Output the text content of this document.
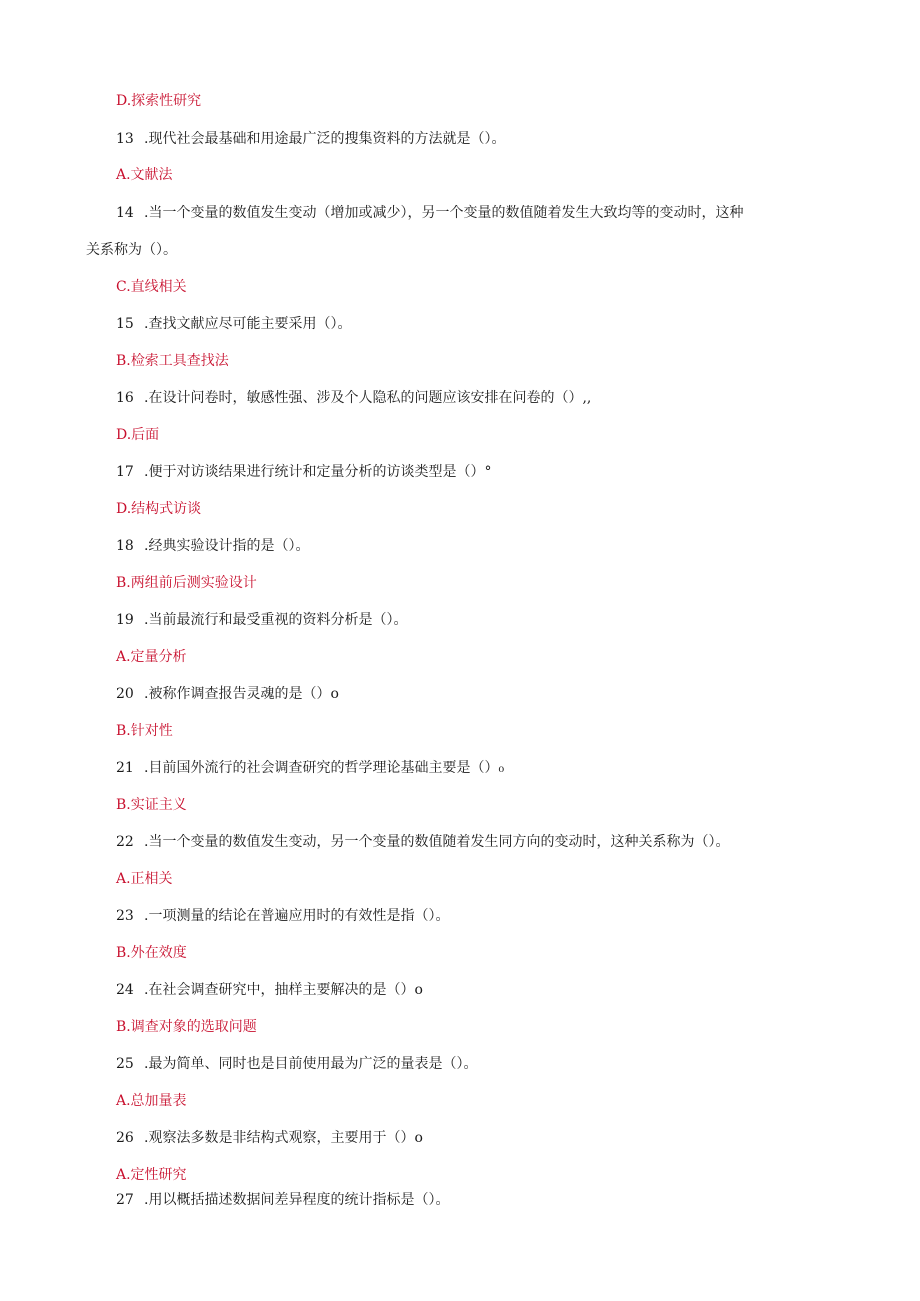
D.探索性研究
13 .现代社会最基础和用途最广泛的搜集资料的方法就是（）。
A.文献法
14 .当一个变量的数值发生变动（增加或减少），另一个变量的数值随着发生大致均等的变动时，这种
关系称为（）。
C.直线相关
15 .查找文献应尽可能主要采用（）。
B.检索工具查找法
16 .在设计问卷时，敏感性强、涉及个人隐私的问题应该安排在问卷的（）,,
D.后面
17 .便于对访谈结果进行统计和定量分析的访谈类型是（）°
D.结构式访谈
18 .经典实验设计指的是（）。
B.两组前后测实验设计
19 .当前最流行和最受重视的资料分析是（）。
A.定量分析
20 .被称作调查报告灵魂的是（）o
B.针对性
21 .目前国外流行的社会调查研究的哲学理论基础主要是（）₀
B.实证主义
22 .当一个变量的数值发生变动，另一个变量的数值随着发生同方向的变动时，这种关系称为（）。
A.正相关
23 .一项测量的结论在普遍应用时的有效性是指（）。
B.外在效度
24 .在社会调查研究中，抽样主要解决的是（）o
B.调查对象的选取问题
25 .最为简单、同时也是目前使用最为广泛的量表是（）。
A.总加量表
26 .观察法多数是非结构式观察，主要用于（）o
A.定性研究
27 .用以概括描述数据间差异程度的统计指标是（）。
